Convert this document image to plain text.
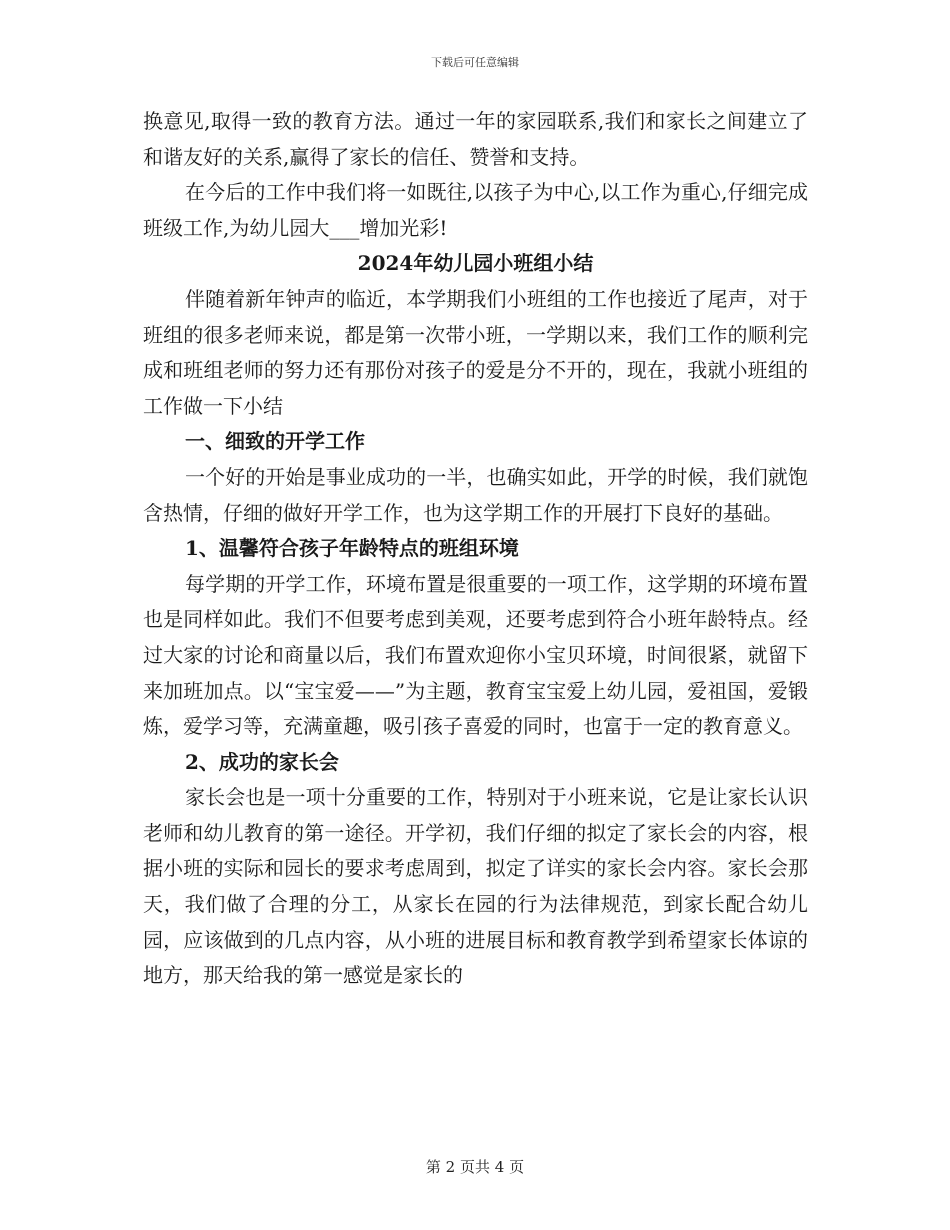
下载后可任意编辑

换意见,取得一致的教育方法。通过一年的家园联系,我们和家长之间建立了和谐友好的关系,赢得了家长的信任、赞誉和支持。

在今后的工作中我们将一如既往,以孩子为中心,以工作为重心,仔细完成班级工作,为幼儿园大___增加光彩!

2024年幼儿园小班组小结

伴随着新年钟声的临近，本学期我们小班组的工作也接近了尾声，对于班组的很多老师来说，都是第一次带小班，一学期以来，我们工作的顺利完成和班组老师的努力还有那份对孩子的爱是分不开的，现在，我就小班组的工作做一下小结

一、细致的开学工作

一个好的开始是事业成功的一半，也确实如此，开学的时候，我们就饱含热情，仔细的做好开学工作，也为这学期工作的开展打下良好的基础。

1、温馨符合孩子年龄特点的班组环境

每学期的开学工作，环境布置是很重要的一项工作，这学期的环境布置也是同样如此。我们不但要考虑到美观，还要考虑到符合小班年龄特点。经过大家的讨论和商量以后，我们布置欢迎你小宝贝环境，时间很紧，就留下来加班加点。以“宝宝爱——”为主题，教育宝宝爱上幼儿园，爱祖国，爱锻炼，爱学习等，充满童趣，吸引孩子喜爱的同时，也富于一定的教育意义。

2、成功的家长会

家长会也是一项十分重要的工作，特别对于小班来说，它是让家长认识老师和幼儿教育的第一途径。开学初，我们仔细的拟定了家长会的内容，根据小班的实际和园长的要求考虑周到，拟定了详实的家长会内容。家长会那天，我们做了合理的分工，从家长在园的行为法律规范，到家长配合幼儿园，应该做到的几点内容，从小班的进展目标和教育教学到希望家长体谅的地方，那天给我的第一感觉是家长的

第 2 页共 4 页
